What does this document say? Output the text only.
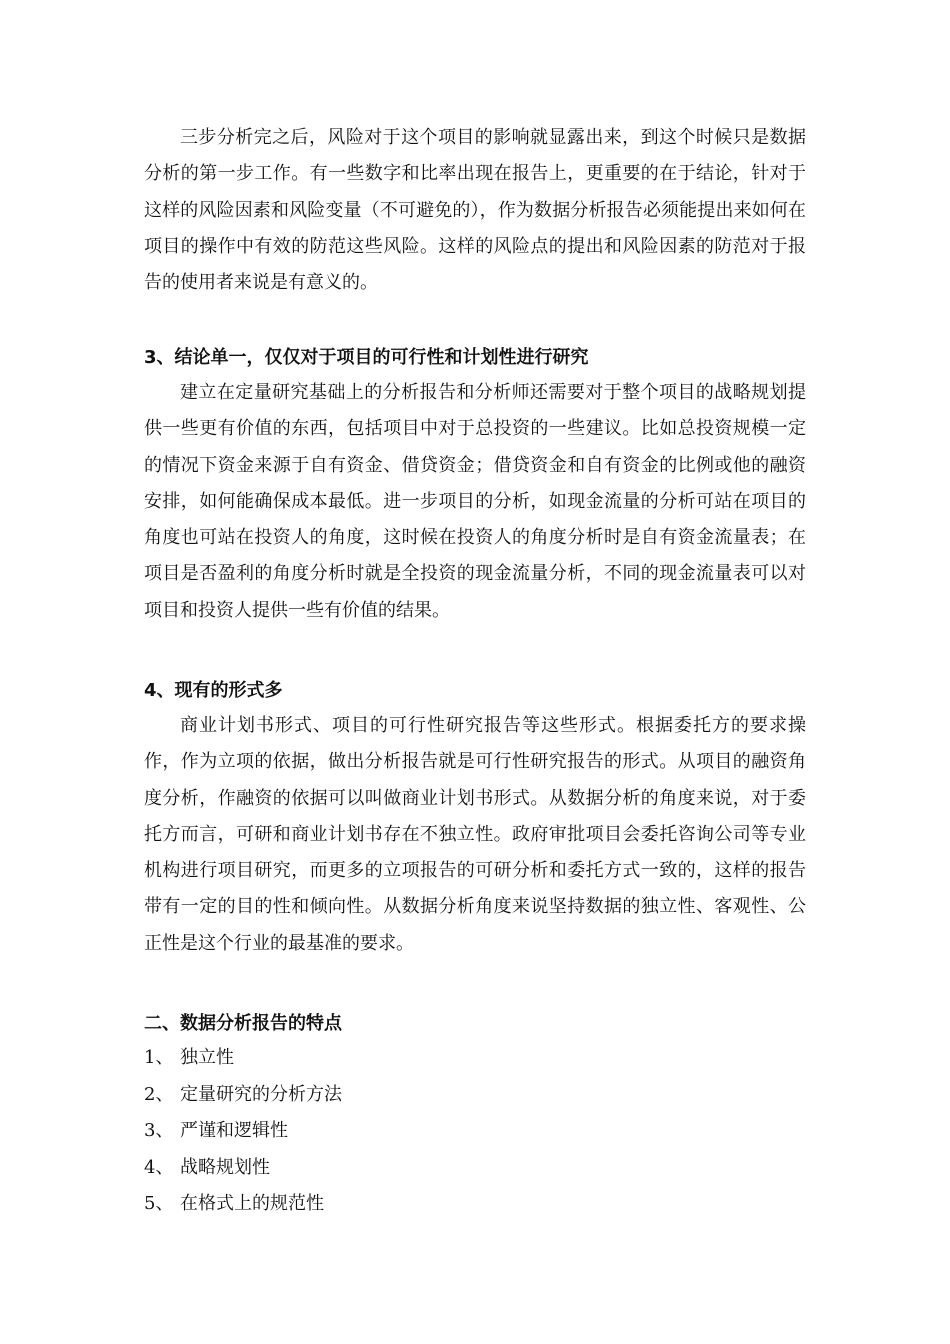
三步分析完之后，风险对于这个项目的影响就显露出来，到这个时候只是数据分析的第一步工作。有一些数字和比率出现在报告上，更重要的在于结论，针对于这样的风险因素和风险变量（不可避免的），作为数据分析报告必须能提出来如何在项目的操作中有效的防范这些风险。这样的风险点的提出和风险因素的防范对于报告的使用者来说是有意义的。

3、结论单一，仅仅对于项目的可行性和计划性进行研究

建立在定量研究基础上的分析报告和分析师还需要对于整个项目的战略规划提供一些更有价值的东西，包括项目中对于总投资的一些建议。比如总投资规模一定的情况下资金来源于自有资金、借贷资金；借贷资金和自有资金的比例或他的融资安排，如何能确保成本最低。进一步项目的分析，如现金流量的分析可站在项目的角度也可站在投资人的角度，这时候在投资人的角度分析时是自有资金流量表；在项目是否盈利的角度分析时就是全投资的现金流量分析，不同的现金流量表可以对项目和投资人提供一些有价值的结果。

4、现有的形式多

商业计划书形式、项目的可行性研究报告等这些形式。根据委托方的要求操作，作为立项的依据，做出分析报告就是可行性研究报告的形式。从项目的融资角度分析，作融资的依据可以叫做商业计划书形式。从数据分析的角度来说，对于委托方而言，可研和商业计划书存在不独立性。政府审批项目会委托咨询公司等专业机构进行项目研究，而更多的立项报告的可研分析和委托方式一致的，这样的报告带有一定的目的性和倾向性。从数据分析角度来说坚持数据的独立性、客观性、公正性是这个行业的最基准的要求。

二、数据分析报告的特点
1、 独立性
2、 定量研究的分析方法
3、 严谨和逻辑性
4、 战略规划性
5、 在格式上的规范性
